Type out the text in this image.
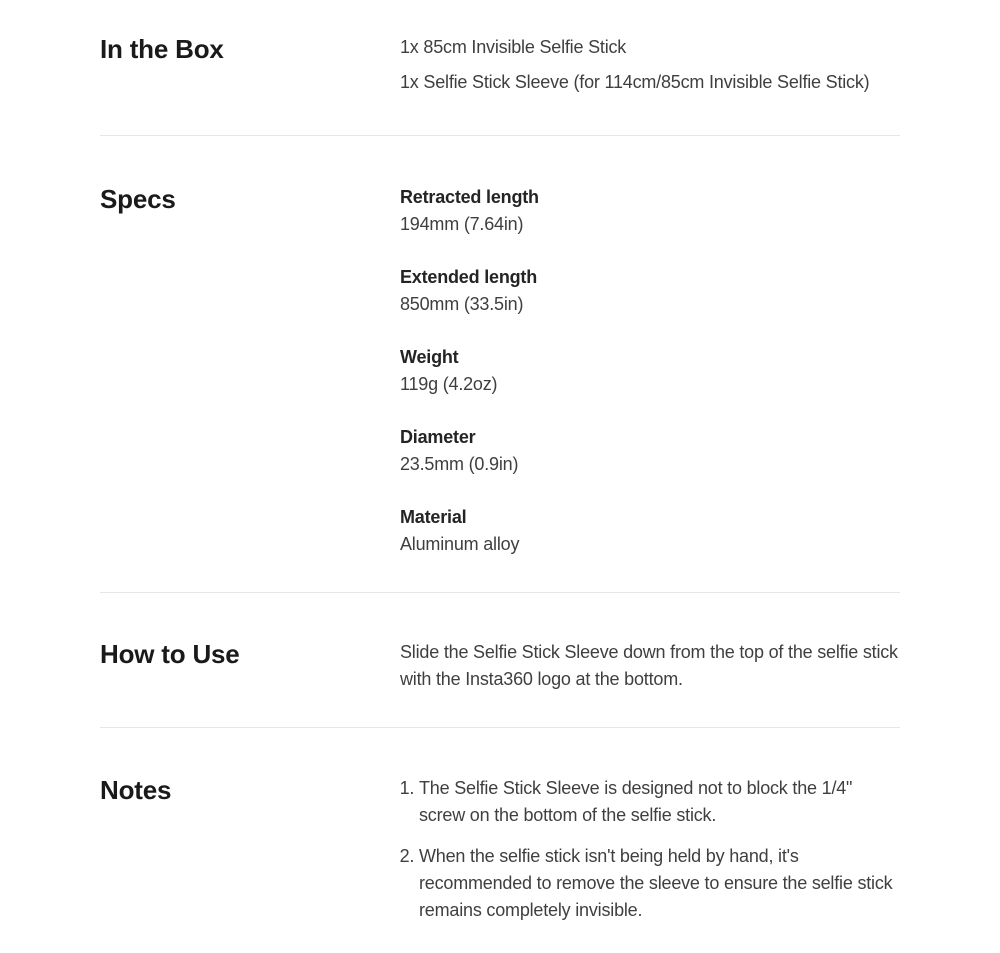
In the Box	1x 85cm Invisible Selfie Stick
1x Selfie Stick Sleeve (for 114cm/85cm Invisible Selfie Stick)
Specs	Retracted length
194mm (7.64in)
Extended length
850mm (33.5in)
Weight
119g (4.2oz)
Diameter
23.5mm (0.9in)
Material
Aluminum alloy
How to Use	Slide the Selfie Stick Sleeve down from the top of the selfie stick with the Insta360 logo at the bottom.

Notes	1. The Selfie Stick Sleeve is designed not to block the 1/4" screw on the bottom of the selfie stick.
2. When the selfie stick isn't being held by hand, it's recommended to remove the sleeve to ensure the selfie stick remains completely invisible.
